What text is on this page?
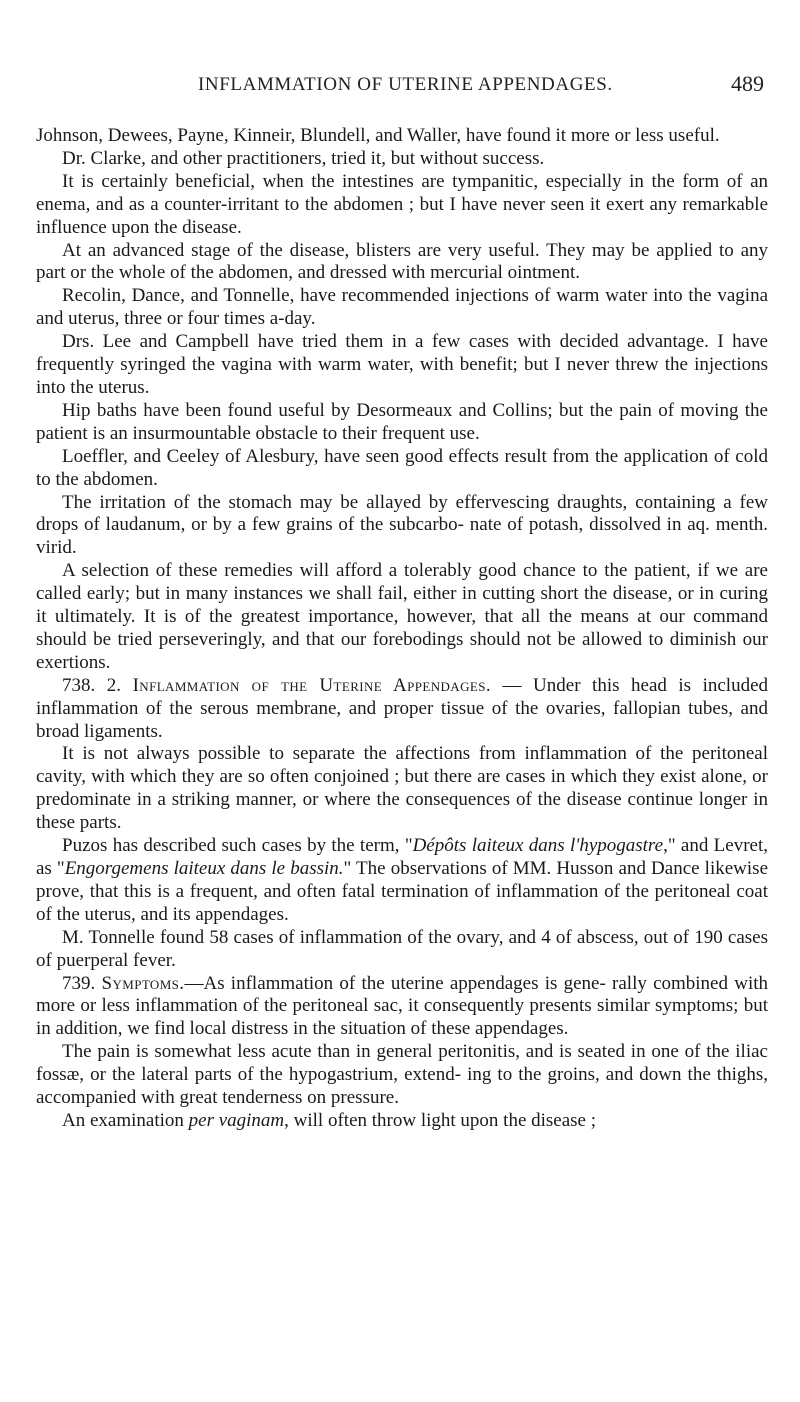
INFLAMMATION OF UTERINE APPENDAGES.	489

Johnson, Dewees, Payne, Kinneir, Blundell, and Waller, have found it more or less useful.

Dr. Clarke, and other practitioners, tried it, but without success.

It is certainly beneficial, when the intestines are tympanitic, especially in the form of an enema, and as a counter-irritant to the abdomen ; but I have never seen it exert any remarkable influence upon the disease.

At an advanced stage of the disease, blisters are very useful. They may be applied to any part or the whole of the abdomen, and dressed with mercurial ointment.

Recolin, Dance, and Tonnelle, have recommended injections of warm water into the vagina and uterus, three or four times a-day.

Drs. Lee and Campbell have tried them in a few cases with decided advantage. I have frequently syringed the vagina with warm water, with benefit; but I never threw the injections into the uterus.

Hip baths have been found useful by Desormeaux and Collins; but the pain of moving the patient is an insurmountable obstacle to their frequent use.

Loeffler, and Ceeley of Alesbury, have seen good effects result from the application of cold to the abdomen.

The irritation of the stomach may be allayed by effervescing draughts, containing a few drops of laudanum, or by a few grains of the subcarbo- nate of potash, dissolved in aq. menth. virid.

A selection of these remedies will afford a tolerably good chance to the patient, if we are called early; but in many instances we shall fail, either in cutting short the disease, or in curing it ultimately. It is of the greatest importance, however, that all the means at our command should be tried perseveringly, and that our forebodings should not be allowed to diminish our exertions.

738. 2. Inflammation of the Uterine Appendages. — Under this head is included inflammation of the serous membrane, and proper tissue of the ovaries, fallopian tubes, and broad ligaments.

It is not always possible to separate the affections from inflammation of the peritoneal cavity, with which they are so often conjoined ; but there are cases in which they exist alone, or predominate in a striking manner, or where the consequences of the disease continue longer in these parts.

Puzos has described such cases by the term, "Dépôts laiteux dans l'hypogastre," and Levret, as "Engorgemens laiteux dans le bassin." The observations of MM. Husson and Dance likewise prove, that this is a frequent, and often fatal termination of inflammation of the peritoneal coat of the uterus, and its appendages.

M. Tonnelle found 58 cases of inflammation of the ovary, and 4 of abscess, out of 190 cases of puerperal fever.

739. Symptoms.—As inflammation of the uterine appendages is gene- rally combined with more or less inflammation of the peritoneal sac, it consequently presents similar symptoms; but in addition, we find local distress in the situation of these appendages.

The pain is somewhat less acute than in general peritonitis, and is seated in one of the iliac fossæ, or the lateral parts of the hypogastrium, extend- ing to the groins, and down the thighs, accompanied with great tenderness on pressure.

An examination per vaginam, will often throw light upon the disease ;
